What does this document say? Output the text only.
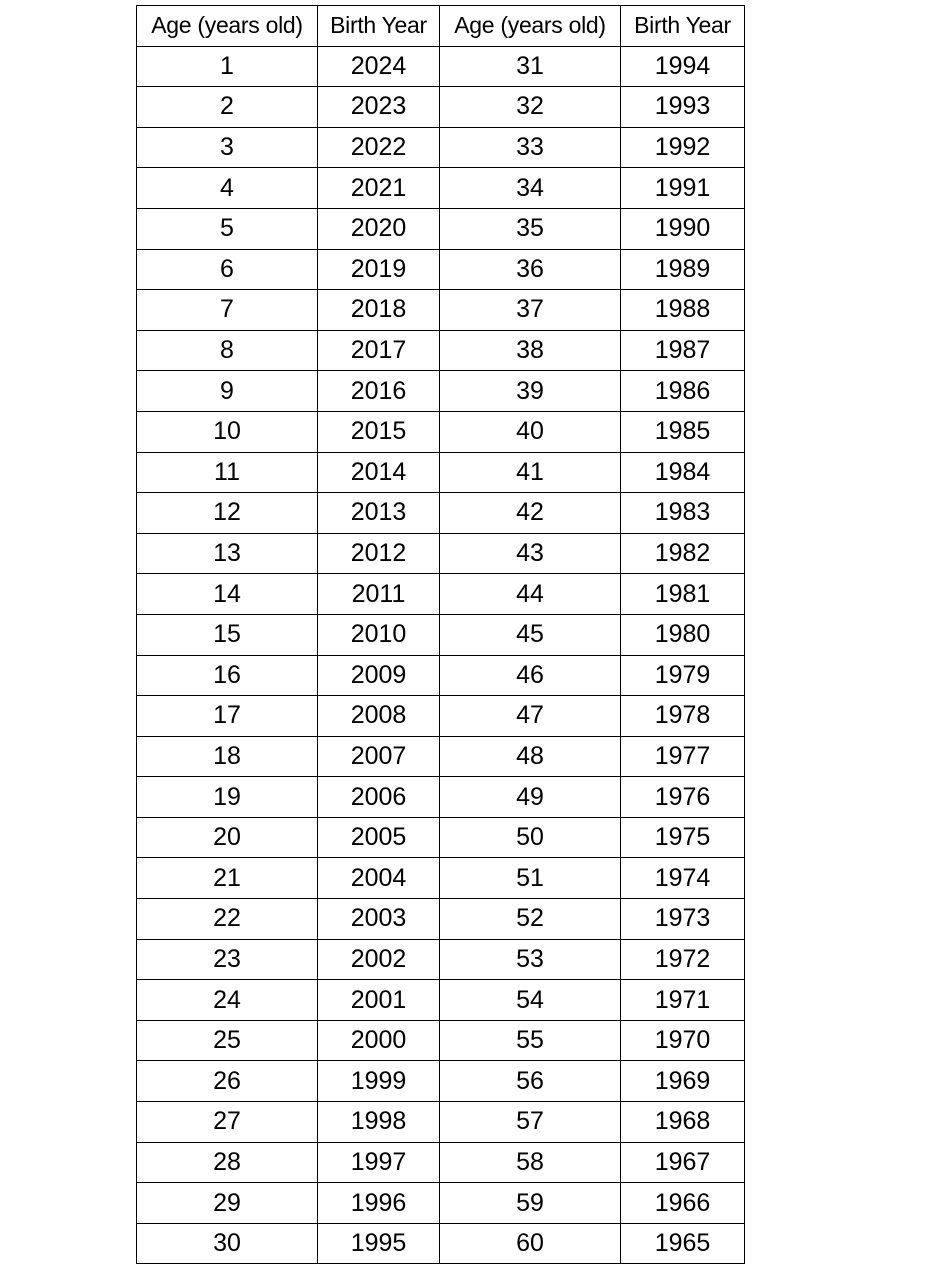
Age (years old)	Birth Year	Age (years old)	Birth Year
1	2024	31	1994
2	2023	32	1993
3	2022	33	1992
4	2021	34	1991
5	2020	35	1990
6	2019	36	1989
7	2018	37	1988
8	2017	38	1987
9	2016	39	1986
10	2015	40	1985
11	2014	41	1984
12	2013	42	1983
13	2012	43	1982
14	2011	44	1981
15	2010	45	1980
16	2009	46	1979
17	2008	47	1978
18	2007	48	1977
19	2006	49	1976
20	2005	50	1975
21	2004	51	1974
22	2003	52	1973
23	2002	53	1972
24	2001	54	1971
25	2000	55	1970
26	1999	56	1969
27	1998	57	1968
28	1997	58	1967
29	1996	59	1966
30	1995	60	1965
